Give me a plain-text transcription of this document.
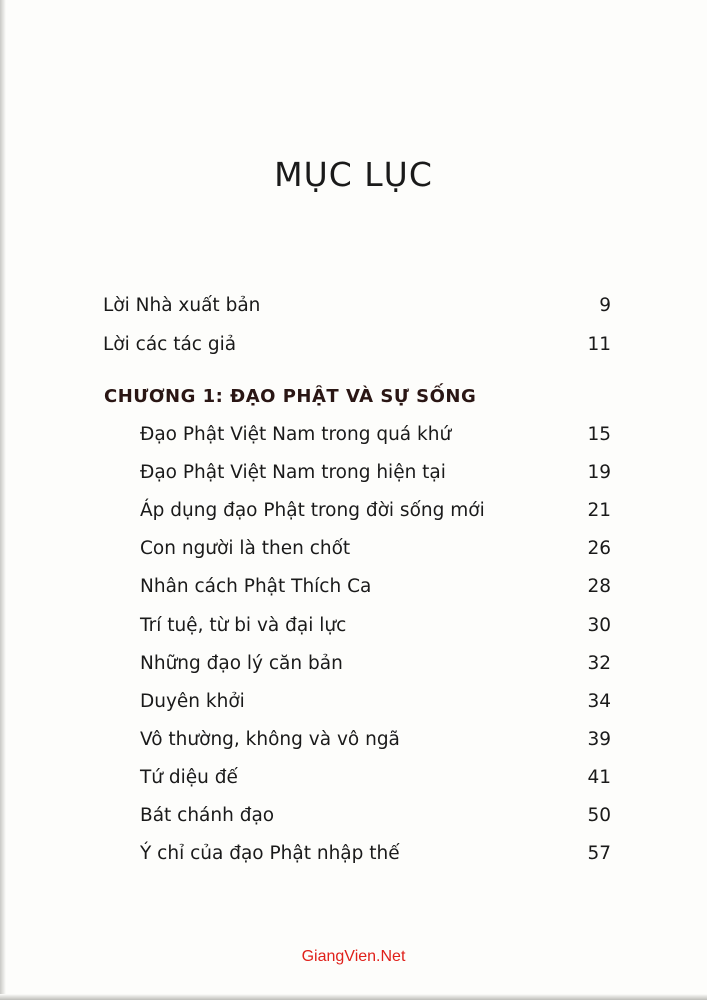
MỤC LỤC
Lời Nhà xuất bản	9
Lời các tác giả	11
CHƯƠNG 1: ĐẠO PHẬT VÀ SỰ SỐNG
Đạo Phật Việt Nam trong quá khứ	15
Đạo Phật Việt Nam trong hiện tại	19
Áp dụng đạo Phật trong đời sống mới	21
Con người là then chốt	26
Nhân cách Phật Thích Ca	28
Trí tuệ, từ bi và đại lực	30
Những đạo lý căn bản	32
Duyên khởi	34
Vô thường, không và vô ngã	39
Tứ diệu đế	41
Bát chánh đạo	50
Ý chỉ của đạo Phật nhập thế	57
GiangVien.Net
